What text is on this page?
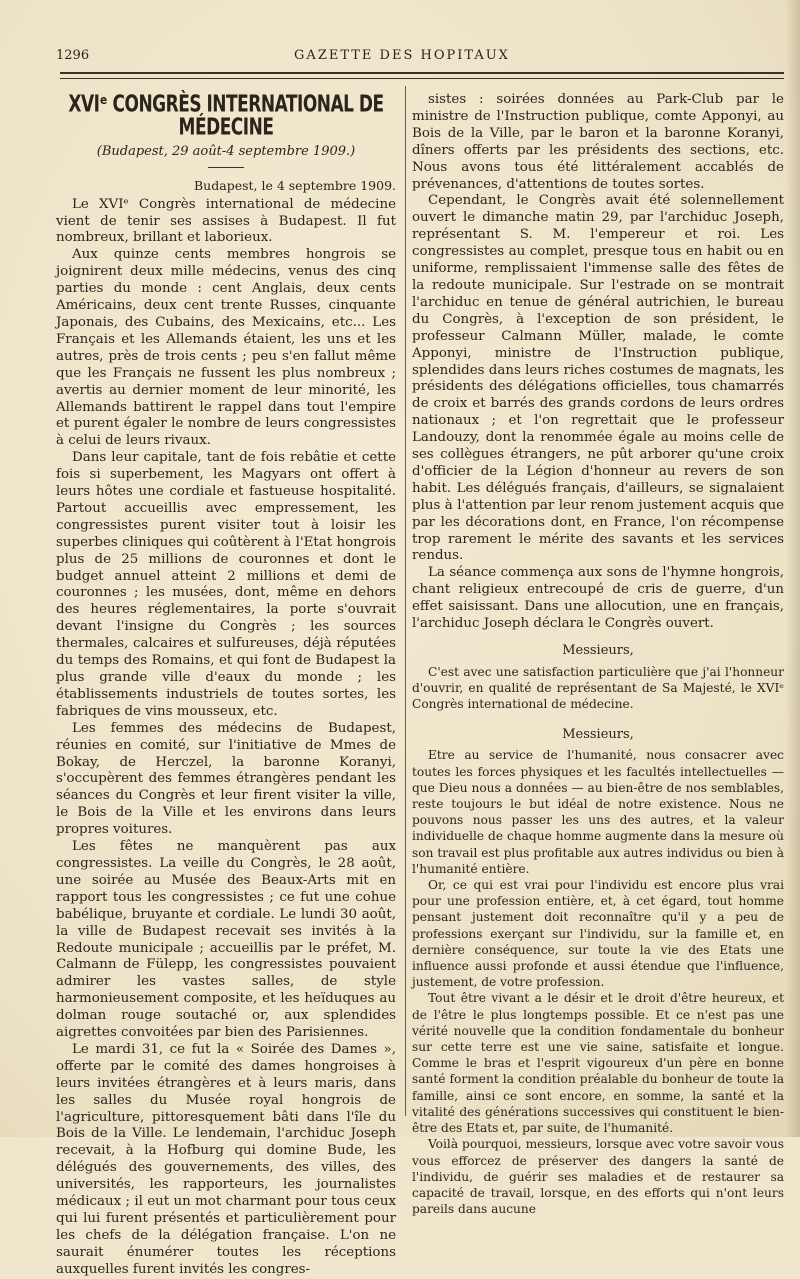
1296	GAZETTE DES HOPITAUX
XVIᵉ CONGRÈS INTERNATIONAL DE MÉDECINE
(Budapest, 29 août-4 septembre 1909.)
Budapest, le 4 septembre 1909.

Le XVIᵉ Congrès international de médecine vient de tenir ses assises à Budapest. Il fut nombreux, brillant et laborieux.

Aux quinze cents membres hongrois se joignirent deux mille médecins, venus des cinq parties du monde : cent Anglais, deux cents Américains, deux cent trente Russes, cinquante Japonais, des Cubains, des Mexicains, etc... Les Français et les Allemands étaient, les uns et les autres, près de trois cents ; peu s'en fallut même que les Français ne fussent les plus nombreux ; avertis au dernier moment de leur minorité, les Allemands battirent le rappel dans tout l'empire et purent égaler le nombre de leurs congressistes à celui de leurs rivaux.

Dans leur capitale, tant de fois rebâtie et cette fois si superbement, les Magyars ont offert à leurs hôtes une cordiale et fastueuse hospitalité. Partout accueillis avec empressement, les congressistes purent visiter tout à loisir les superbes cliniques qui coûtèrent à l'Etat hongrois plus de 25 millions de couronnes et dont le budget annuel atteint 2 millions et demi de couronnes ; les musées, dont, même en dehors des heures réglementaires, la porte s'ouvrait devant l'insigne du Congrès ; les sources thermales, calcaires et sulfureuses, déjà réputées du temps des Romains, et qui font de Budapest la plus grande ville d'eaux du monde ; les établissements industriels de toutes sortes, les fabriques de vins mousseux, etc.

Les femmes des médecins de Budapest, réunies en comité, sur l'initiative de Mmes de Bokay, de Herczel, la baronne Koranyi, s'occupèrent des femmes étrangères pendant les séances du Congrès et leur firent visiter la ville, le Bois de la Ville et les environs dans leurs propres voitures.

Les fêtes ne manquèrent pas aux congressistes. La veille du Congrès, le 28 août, une soirée au Musée des Beaux-Arts mit en rapport tous les congressistes ; ce fut une cohue babélique, bruyante et cordiale. Le lundi 30 août, la ville de Budapest recevait ses invités à la Redoute municipale ; accueillis par le préfet, M. Calmann de Fülepp, les congressistes pouvaient admirer les vastes salles, de style harmonieusement composite, et les heïduques au dolman rouge soutaché or, aux splendides aigrettes convoitées par bien des Parisiennes.

Le mardi 31, ce fut la « Soirée des Dames », offerte par le comité des dames hongroises à leurs invitées étrangères et à leurs maris, dans les salles du Musée royal hongrois de l'agriculture, pittoresquement bâti dans l'île du Bois de la Ville. Le lendemain, l'archiduc Joseph recevait, à la Hofburg qui domine Bude, les délégués des gouvernements, des villes, des universités, les rapporteurs, les journalistes médicaux ; il eut un mot charmant pour tous ceux qui lui furent présentés et particulièrement pour les chefs de la délégation française. L'on ne saurait énumérer toutes les réceptions auxquelles furent invités les congres-

sistes : soirées données au Park-Club par le ministre de l'Instruction publique, comte Apponyi, au Bois de la Ville, par le baron et la baronne Koranyi, dîners offerts par les présidents des sections, etc. Nous avons tous été littéralement accablés de prévenances, d'attentions de toutes sortes.

Cependant, le Congrès avait été solennellement ouvert le dimanche matin 29, par l'archiduc Joseph, représentant S. M. l'empereur et roi. Les congressistes au complet, presque tous en habit ou en uniforme, remplissaient l'immense salle des fêtes de la redoute municipale. Sur l'estrade on se montrait l'archiduc en tenue de général autrichien, le bureau du Congrès, à l'exception de son président, le professeur Calmann Müller, malade, le comte Apponyi, ministre de l'Instruction publique, splendides dans leurs riches costumes de magnats, les présidents des délégations officielles, tous chamarrés de croix et barrés des grands cordons de leurs ordres nationaux ; et l'on regrettait que le professeur Landouzy, dont la renommée égale au moins celle de ses collègues étrangers, ne pût arborer qu'une croix d'officier de la Légion d'honneur au revers de son habit. Les délégués français, d'ailleurs, se signalaient plus à l'attention par leur renom justement acquis que par les décorations dont, en France, l'on récompense trop rarement le mérite des savants et les services rendus.

La séance commença aux sons de l'hymne hongrois, chant religieux entrecoupé de cris de guerre, d'un effet saisissant. Dans une allocution, une en français, l'archiduc Joseph déclara le Congrès ouvert.

Messieurs,

C'est avec une satisfaction particulière que j'ai l'honneur d'ouvrir, en qualité de représentant de Sa Majesté, le XVIᵉ Congrès international de médecine.

Messieurs,

Etre au service de l'humanité, nous consacrer avec toutes les forces physiques et les facultés intellectuelles — que Dieu nous a données — au bien-être de nos semblables, reste toujours le but idéal de notre existence. Nous ne pouvons nous passer les uns des autres, et la valeur individuelle de chaque homme augmente dans la mesure où son travail est plus profitable aux autres individus ou bien à l'humanité entière.

Or, ce qui est vrai pour l'individu est encore plus vrai pour une profession entière, et, à cet égard, tout homme pensant justement doit reconnaître qu'il y a peu de professions exerçant sur l'individu, sur la famille et, en dernière conséquence, sur toute la vie des Etats une influence aussi profonde et aussi étendue que l'influence, justement, de votre profession.

Tout être vivant a le désir et le droit d'être heureux, et de l'être le plus longtemps possible. Et ce n'est pas une vérité nouvelle que la condition fondamentale du bonheur sur cette terre est une vie saine, satisfaite et longue. Comme le bras et l'esprit vigoureux d'un père en bonne santé forment la condition préalable du bonheur de toute la famille, ainsi ce sont encore, en somme, la santé et la vitalité des générations successives qui constituent le bien-être des Etats et, par suite, de l'humanité.

Voilà pourquoi, messieurs, lorsque avec votre savoir vous vous efforcez de préserver des dangers la santé de l'individu, de guérir ses maladies et de restaurer sa capacité de travail, lorsque, en des efforts qui n'ont leurs pareils dans aucune
